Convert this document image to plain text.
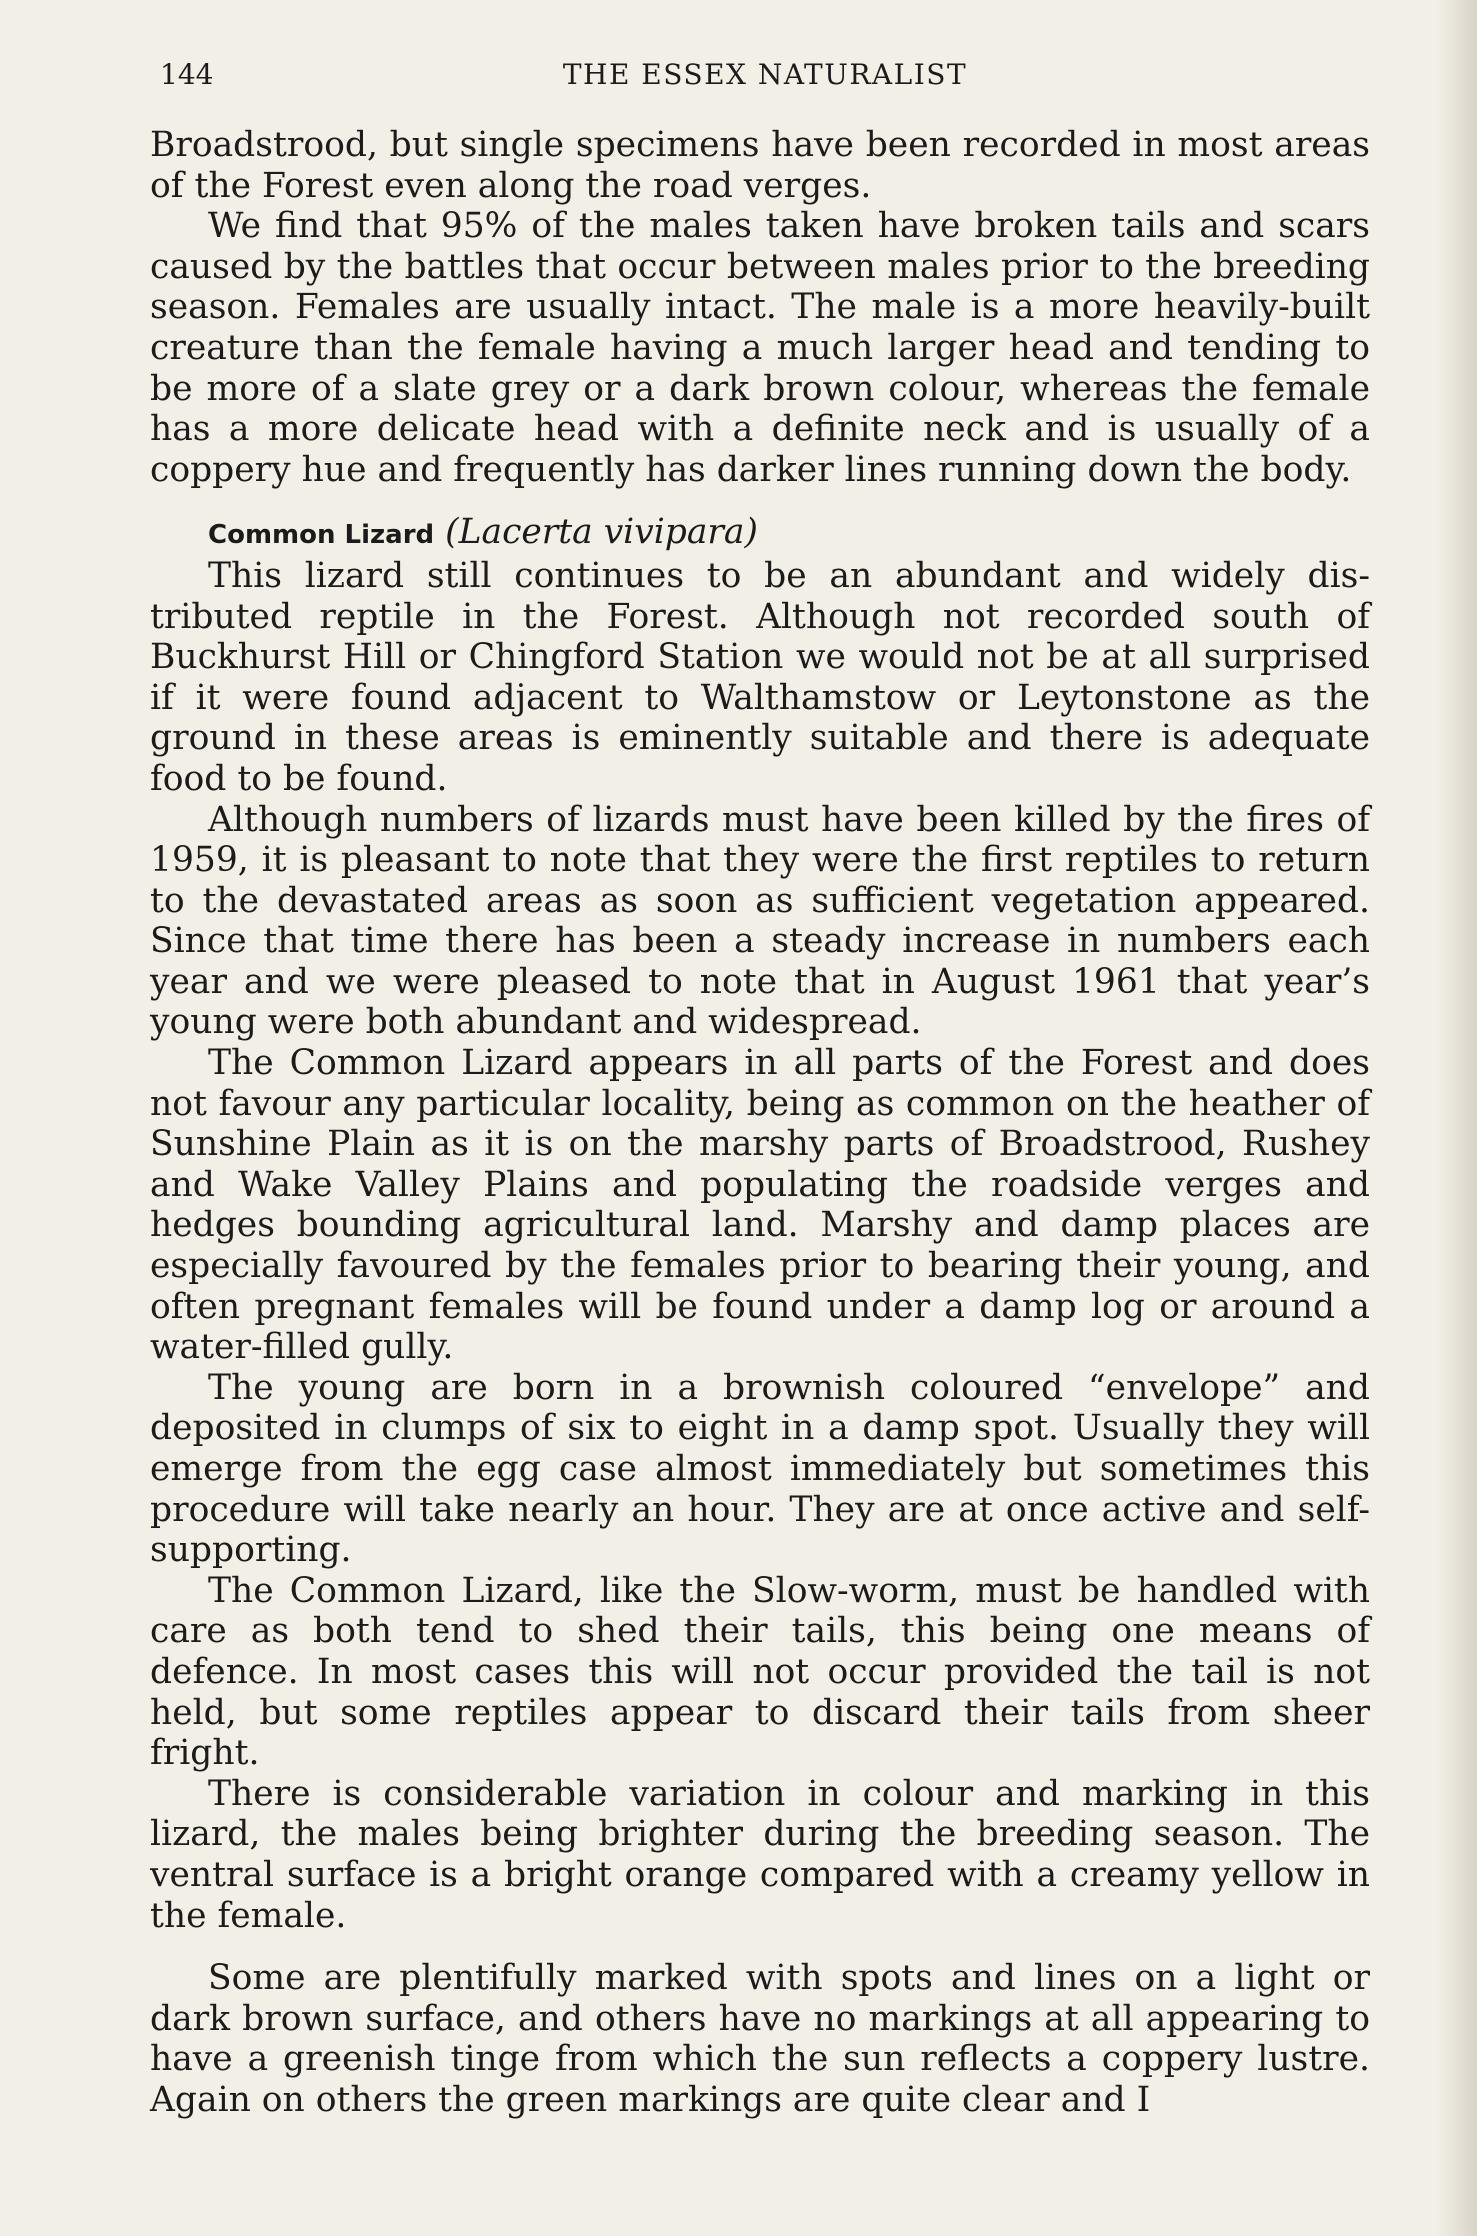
144	THE ESSEX NATURALIST

Broadstrood, but single specimens have been recorded in most areas of the Forest even along the road verges.

We find that 95% of the males taken have broken tails and scars caused by the battles that occur between males prior to the breeding season. Females are usually intact. The male is a more heavily-built creature than the female having a much larger head and tending to be more of a slate grey or a dark brown colour, whereas the female has a more delicate head with a definite neck and is usually of a coppery hue and frequently has darker lines running down the body.

Common Lizard (Lacerta vivipara)

This lizard still continues to be an abundant and widely distributed reptile in the Forest. Although not recorded south of Buckhurst Hill or Chingford Station we would not be at all surprised if it were found adjacent to Walthamstow or Leytonstone as the ground in these areas is eminently suitable and there is adequate food to be found.

Although numbers of lizards must have been killed by the fires of 1959, it is pleasant to note that they were the first reptiles to return to the devastated areas as soon as sufficient vegetation appeared. Since that time there has been a steady increase in numbers each year and we were pleased to note that in August 1961 that year’s young were both abundant and widespread.

The Common Lizard appears in all parts of the Forest and does not favour any particular locality, being as common on the heather of Sunshine Plain as it is on the marshy parts of Broadstrood, Rushey and Wake Valley Plains and populating the roadside verges and hedges bounding agricultural land. Marshy and damp places are especially favoured by the females prior to bearing their young, and often pregnant females will be found under a damp log or around a water-filled gully.

The young are born in a brownish coloured “envelope” and deposited in clumps of six to eight in a damp spot. Usually they will emerge from the egg case almost immediately but sometimes this procedure will take nearly an hour. They are at once active and self-supporting.

The Common Lizard, like the Slow-worm, must be handled with care as both tend to shed their tails, this being one means of defence. In most cases this will not occur provided the tail is not held, but some reptiles appear to discard their tails from sheer fright.

There is considerable variation in colour and marking in this lizard, the males being brighter during the breeding season. The ventral surface is a bright orange compared with a creamy yellow in the female.

Some are plentifully marked with spots and lines on a light or dark brown surface, and others have no markings at all appearing to have a greenish tinge from which the sun reflects a coppery lustre. Again on others the green markings are quite clear and I
